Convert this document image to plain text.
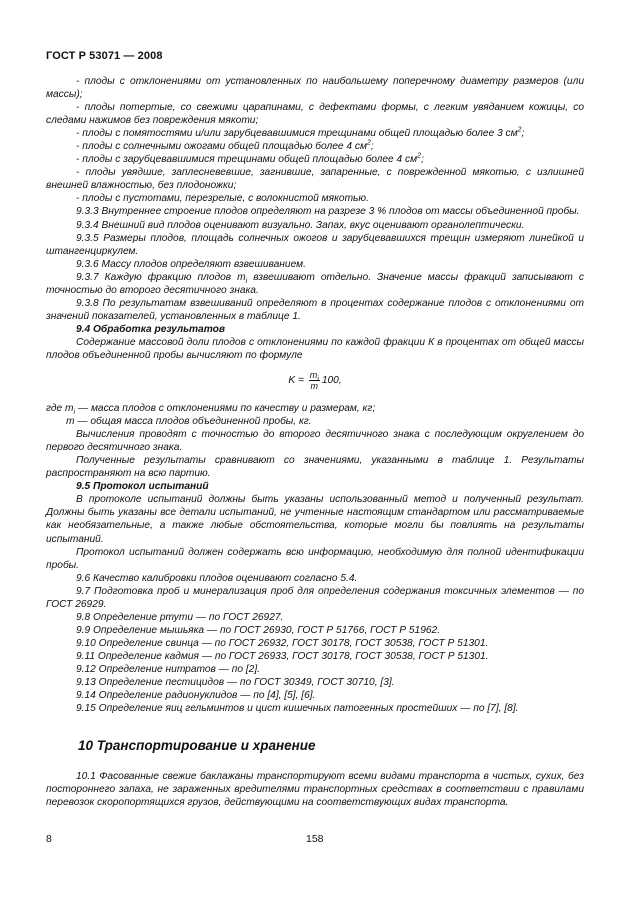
ГОСТ Р 53071 — 2008

- плоды с отклонениями от установленных по наибольшему поперечному диаметру размеров (или массы);

- плоды потертые, со свежими царапинами, с дефектами формы, с легким увяданием кожицы, со следами нажимов без повреждения мякоти;

- плоды с помятостями и/или зарубцевавшимися трещинами общей площадью более 3 $см^2$;

- плоды с солнечными ожогами общей площадью более 4 $см^2$;

- плоды с зарубцевавшимися трещинами общей площадью более 4 $см^2$;

- плоды увядшие, заплесневевшие, загнившие, запаренные, с поврежденной мякотью, с излишней внешней влажностью, без плодоножки;

- плоды с пустотами, перезрелые, с волокнистой мякотью.

9.3.3 Внутреннее строение плодов определяют на разрезе 3 % плодов от массы объединенной пробы.

9.3.4 Внешний вид плодов оценивают визуально. Запах, вкус оценивают органолептически.

9.3.5 Размеры плодов, площадь солнечных ожогов и зарубцевавшихся трещин измеряют линейкой и штангенциркулем.

9.3.6 Массу плодов определяют взвешиванием.

9.3.7 Каждую фракцию плодов $m_i$ взвешивают отдельно. Значение массы фракций записывают с точностью до второго десятичного знака.

9.3.8 По результатам взвешиваний определяют в процентах содержание плодов с отклонениями от значений показателей, установленных в таблице 1.

9.4 Обработка результатов

Содержание массовой доли плодов с отклонениями по каждой фракции К в процентах от общей массы плодов объединенной пробы вычисляют по формуле

$K = \frac{m_i}{m} 100$,

где $m_i$ — масса плодов с отклонениями по качеству и размерам, кг;

m — общая масса плодов объединенной пробы, кг.

Вычисления проводят с точностью до второго десятичного знака с последующим округлением до первого десятичного знака.

Полученные результаты сравнивают со значениями, указанными в таблице 1. Результаты распространяют на всю партию.

9.5 Протокол испытаний

В протоколе испытаний должны быть указаны использованный метод и полученный результат. Должны быть указаны все детали испытаний, не учтенные настоящим стандартом или рассматриваемые как необязательные, а также любые обстоятельства, которые могли бы повлиять на результаты испытаний.

Протокол испытаний должен содержать всю информацию, необходимую для полной идентификации пробы.

9.6 Качество калибровки плодов оценивают согласно 5.4.

9.7 Подготовка проб и минерализация проб для определения содержания токсичных элементов — по ГОСТ 26929.

9.8 Определение ртути — по ГОСТ 26927.

9.9 Определение мышьяка — по ГОСТ 26930, ГОСТ Р 51766, ГОСТ Р 51962.

9.10 Определение свинца — по ГОСТ 26932, ГОСТ 30178, ГОСТ 30538, ГОСТ Р 51301.

9.11 Определение кадмия — по ГОСТ 26933, ГОСТ 30178, ГОСТ 30538, ГОСТ Р 51301.

9.12 Определение нитратов — по [2].

9.13 Определение пестицидов — по ГОСТ 30349, ГОСТ 30710, [3].

9.14 Определение радионуклидов — по [4], [5], [6].

9.15 Определение яиц гельминтов и цист кишечных патогенных простейших — по [7], [8].

10 Транспортирование и хранение

10.1 Фасованные свежие баклажаны транспортируют всеми видами транспорта в чистых, сухих, без постороннего запаха, не зараженных вредителями транспортных средствах в соответствии с правилами перевозок скоропортящихся грузов, действующими на соответствующих видах транспорта.

8	158
